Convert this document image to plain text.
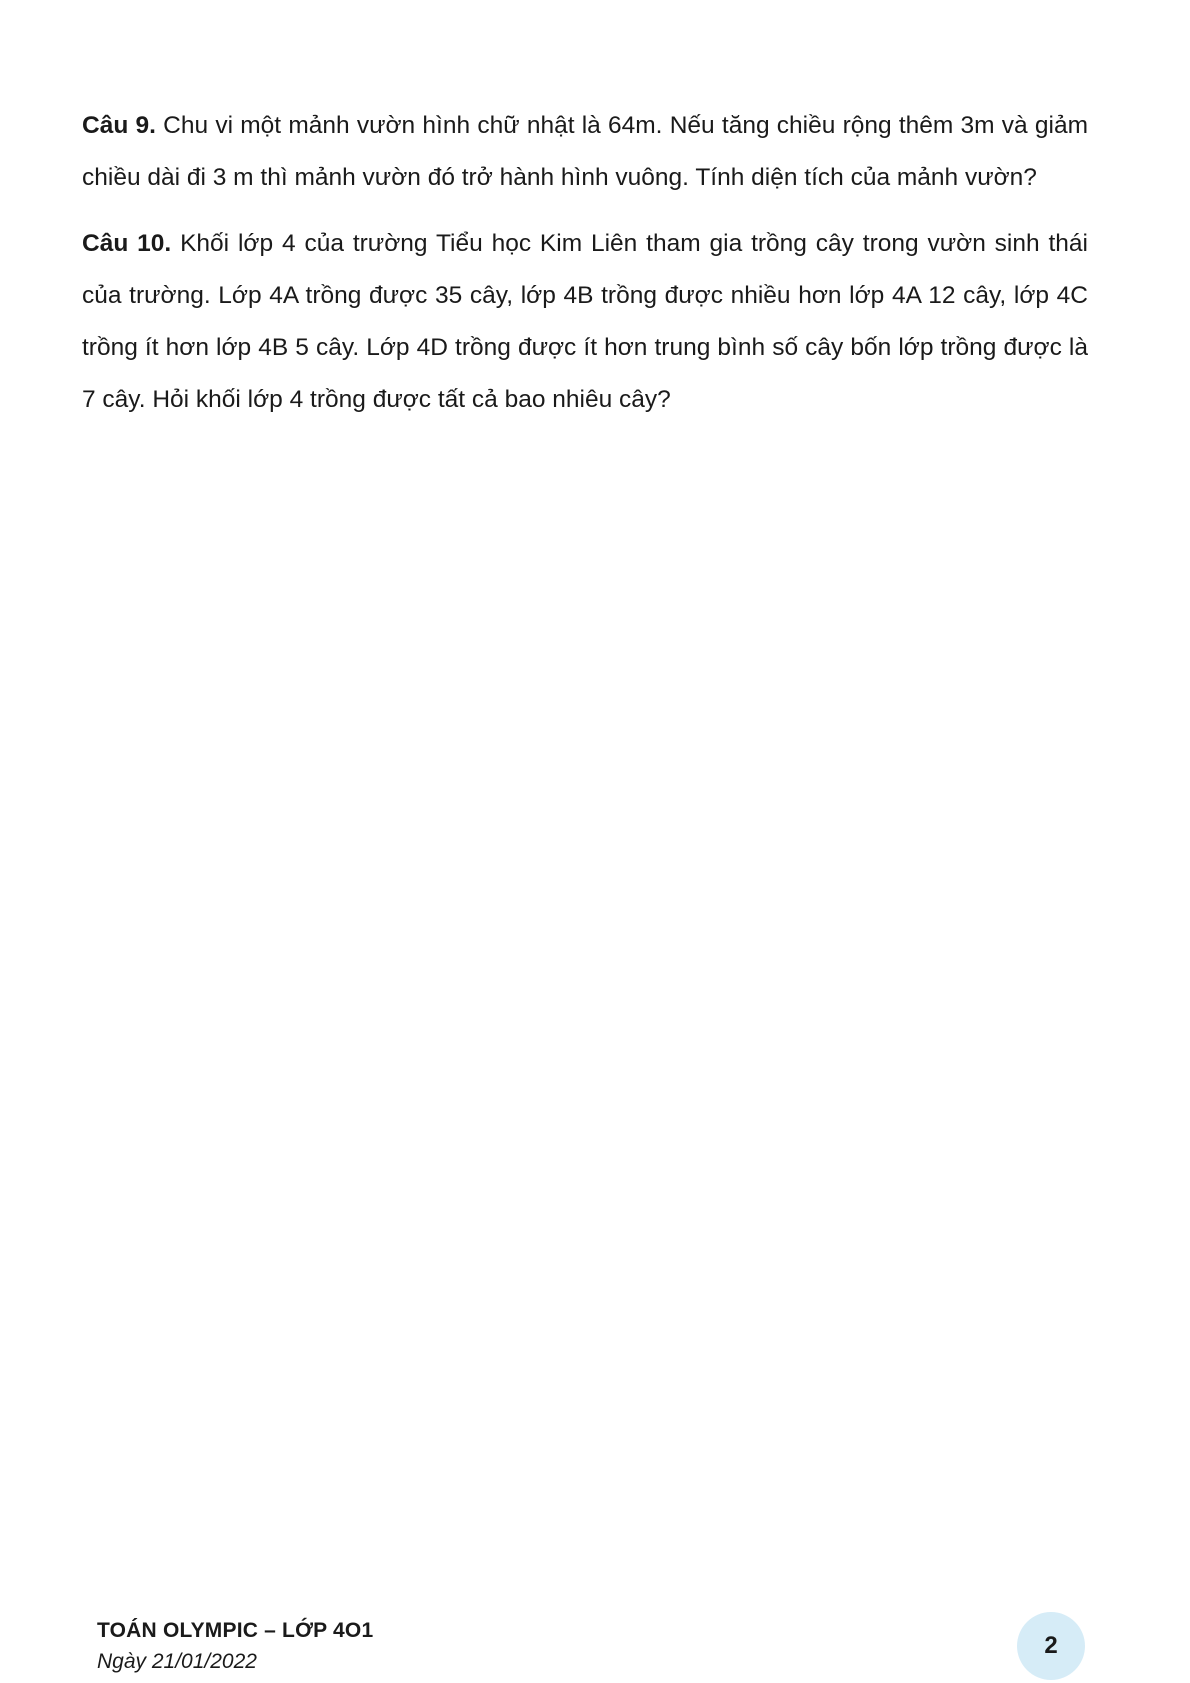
Câu 9. Chu vi một mảnh vườn hình chữ nhật là 64m. Nếu tăng chiều rộng thêm 3m và giảm chiều dài đi 3 m thì mảnh vườn đó trở hành hình vuông. Tính diện tích của mảnh vườn?

Câu 10. Khối lớp 4 của trường Tiểu học Kim Liên tham gia trồng cây trong vườn sinh thái của trường. Lớp 4A trồng được 35 cây, lớp 4B trồng được nhiều hơn lớp 4A 12 cây, lớp 4C trồng ít hơn lớp 4B 5 cây. Lớp 4D trồng được ít hơn trung bình số cây bốn lớp trồng được là 7 cây. Hỏi khối lớp 4 trồng được tất cả bao nhiêu cây?

TOÁN OLYMPIC – LỚP 4O1
Ngày 21/01/2022
2
